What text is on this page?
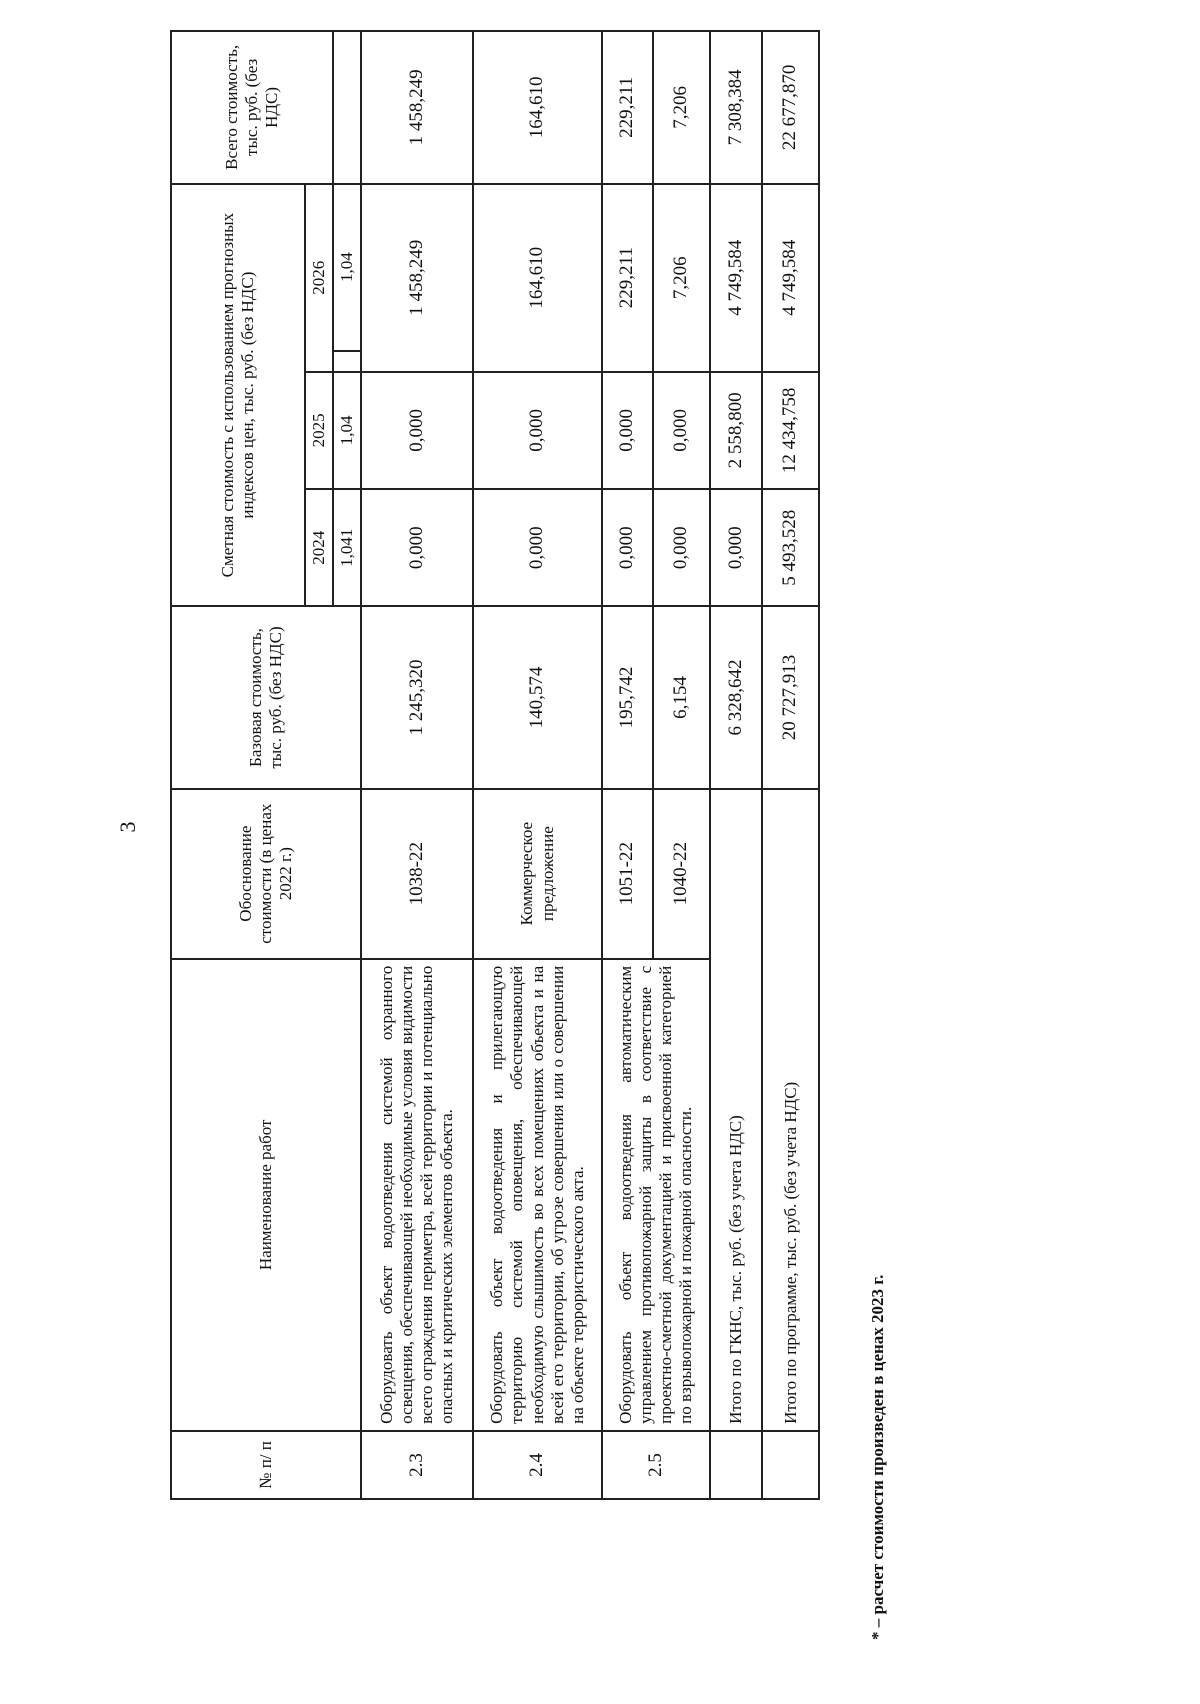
3
№ п/ п	Наименование работ	Обоснование стоимости (в ценах 2022 г.)	Базовая стоимость, тыс. руб. (без НДС)	Сметная стоимость с использованием прогнозных индексов цен, тыс. руб. (без НДС)				Всего стоимость, тыс. руб. (без НДС)
				2024	2025	2026		
				1,041	1,04		1,04	
2.3	Оборудовать объект водоотведения системой охранного освещения, обеспечивающей необходимые условия видимости всего ограждения периметра, всей территории и потенциально опасных и критических элементов объекта.	1038-22	1 245,320	0,000	0,000	1 458,249		1 458,249
2.4	Оборудовать объект водоотведения и прилегающую территорию системой оповещения, обеспечивающей необходимую слышимость во всех помещениях объекта и на всей его территории, об угрозе совершения или о совершении на объекте террористического акта.	Коммерческое предложение	140,574	0,000	0,000	164,610		164,610
2.5	Оборудовать объект водоотведения автоматическим управлением противопожарной защиты в соответствие с проектно-сметной документацией и присвоенной категорией по взрывопожарной и пожарной опасности.	1051-22	195,742	0,000	0,000	229,211		229,211
		1040-22	6,154	0,000	0,000	7,206		7,206
	Итого по ГКНС, тыс. руб. (без учета НДС)		6 328,642	0,000	2 558,800	4 749,584		7 308,384
	Итого по программе, тыс. руб. (без учета НДС)		20 727,913	5 493,528	12 434,758	4 749,584		22 677,870
* – расчет стоимости произведен в ценах 2023 г.
